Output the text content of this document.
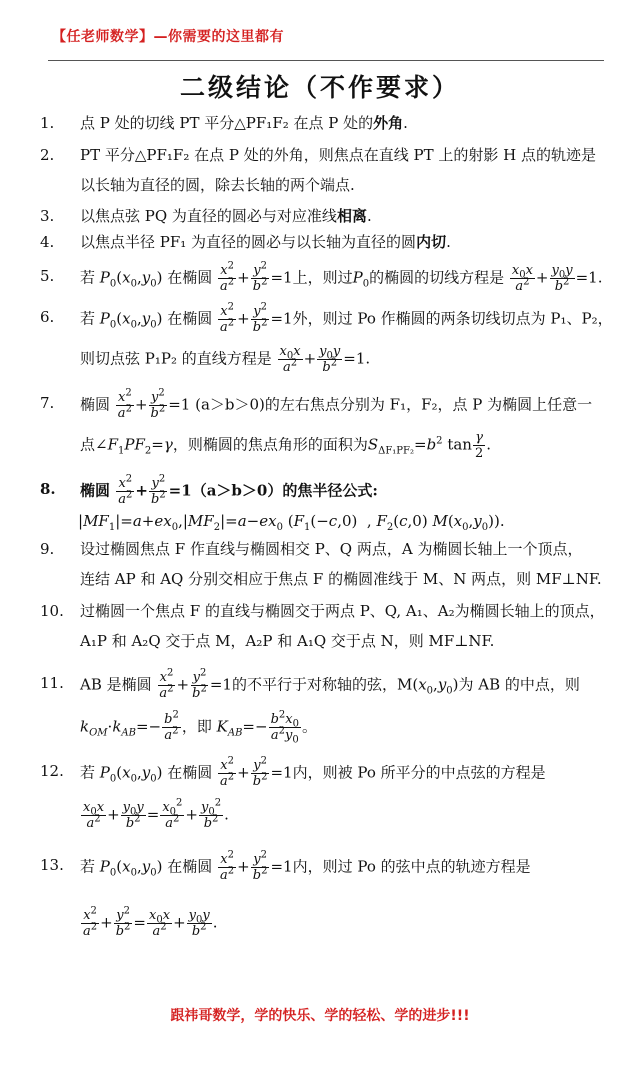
【任老师数学】—你需要的这里都有
二级结论（不作要求）
1.	点 P 处的切线 PT 平分△PF₁F₂ 在点 P 处的外角.
2.	PT 平分△PF₁F₂ 在点 P 处的外角，则焦点在直线 PT 上的射影 H 点的轨迹是
以长轴为直径的圆，除去长轴的两个端点.
3.	以焦点弦 PQ 为直径的圆必与对应准线相离.
4.	以焦点半径 PF₁ 为直径的圆必与以长轴为直径的圆内切.
5.	若 $P_0(x_0,y_0)$ 在椭圆 $\frac{x^2}{a^2} + \frac{y^2}{b^2} =1$上，则过$P_0$的椭圆的切线方程是 $\frac{x_0x}{a^2} + \frac{y_0y}{b^2} =1$.
6.	若 $P_0(x_0,y_0)$ 在椭圆 $\frac{x^2}{a^2} + \frac{y^2}{b^2} =1$外，则过 Po 作椭圆的两条切线切点为 P₁、P₂，
则切点弦 P₁P₂ 的直线方程是 $\frac{x_0x}{a^2} + \frac{y_0y}{b^2} =1$.
7.	椭圆 $\frac{x^2}{a^2} + \frac{y^2}{b^2} =1$ (a＞b＞0)的左右焦点分别为 F₁，F₂，点 P 为椭圆上任意一
点$\angle F_1PF_2=\gamma$，则椭圆的焦点角形的面积为$S_{\Delta F_1PF_2}=b^2$ $\tan \frac{\gamma}{2}$ .
8.	椭圆 $\frac{x^2}{a^2} + \frac{y^2}{b^2} =1(a>b>0)$的焦半径公式:
$|MF_1|=a+ex_0,|MF_2|=a-ex_0$ ($F_1(-c,0)$  , $F_2(c,0)$ $M(x_0,y_0)$).
9.	设过椭圆焦点 F 作直线与椭圆相交 P、Q 两点，A 为椭圆长轴上一个顶点，
连结 AP 和 AQ 分别交相应于焦点 F 的椭圆准线于 M、N 两点，则 MF⊥NF.
10.	过椭圆一个焦点 F 的直线与椭圆交于两点 P、Q, A₁、A₂为椭圆长轴上的顶点，
A₁P 和 A₂Q 交于点 M，A₂P 和 A₁Q 交于点 N，则 MF⊥NF.
11.	AB 是椭圆 $\frac{x^2}{a^2} + \frac{y^2}{b^2} =1$的不平行于对称轴的弦，$M(x_0,y_0)$为 AB 的中点，则
$k_{OM}\cdot k_{AB}=- \frac{b^2}{a^2}$ ，即 $K_{AB}=- \frac{b^2x_0}{a^2y_0}$ 。
12.	若 $P_0(x_0,y_0)$ 在椭圆 $\frac{x^2}{a^2} + \frac{y^2}{b^2} =1$内，则被 Po 所平分的中点弦的方程是
$\frac{x_0x}{a^2} + \frac{y_0y}{b^2} = \frac{x_0^2}{a^2} + \frac{y_0^2}{b^2}$ .
13.	若 $P_0(x_0,y_0)$ 在椭圆 $\frac{x^2}{a^2} + \frac{y^2}{b^2} =1$内，则过 Po 的弦中点的轨迹方程是
$\frac{x^2}{a^2} + \frac{y^2}{b^2} = \frac{x_0x}{a^2} + \frac{y_0y}{b^2}$ .
跟祎哥数学，学的快乐、学的轻松、学的进步!!!
